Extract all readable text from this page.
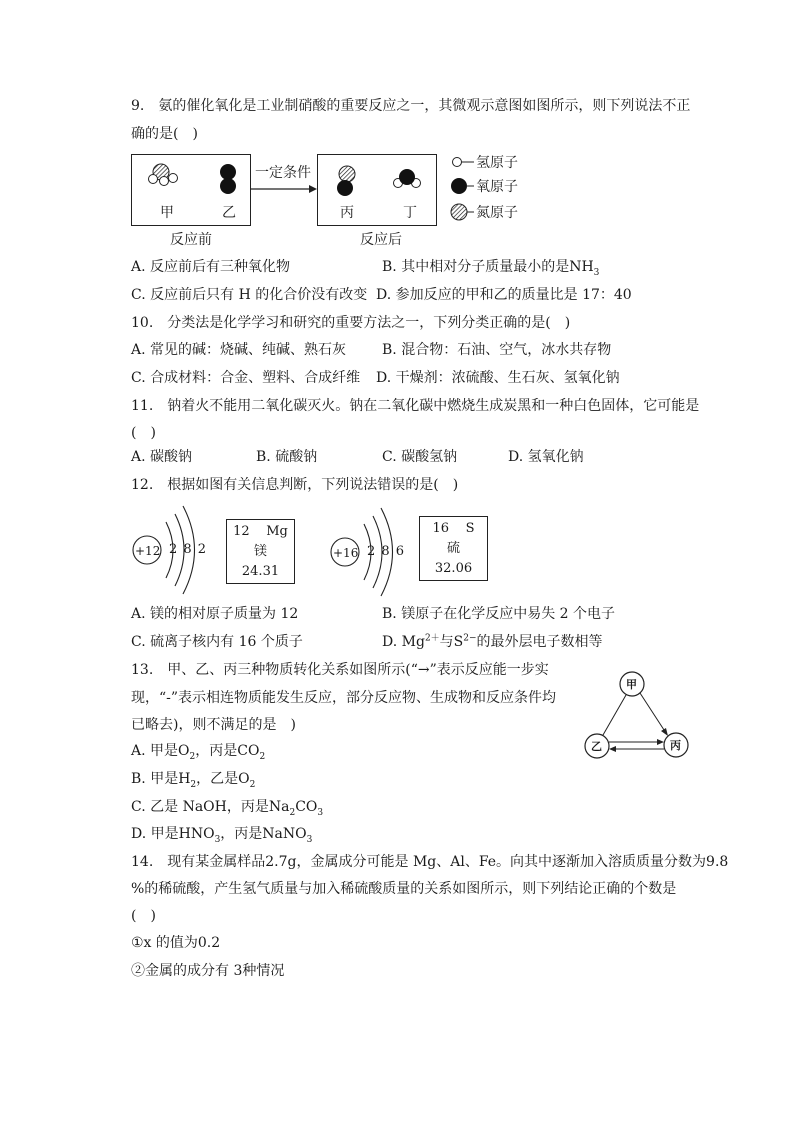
9.　氨的催化氧化是工业制硝酸的重要反应之一，其微观示意图如图所示，则下列说法不正
确的是(　)
甲	乙
一定条件
丙	丁
反应前	反应后
氢原子
氧原子
氮原子
A. 反应前后有三种氧化物	B. 其中相对分子质量最小的是$NH_3$
C. 反应前后只有 H 的化合价没有改变 D. 参加反应的甲和乙的质量比是 17：40
10.　分类法是化学学习和研究的重要方法之一，下列分类正确的是(　)
A. 常见的碱：烧碱、纯碱、熟石灰	B. 混合物：石油、空气，冰水共存物
C. 合成材料：合金、塑料、合成纤维 D. 干燥剂：浓硫酸、生石灰、氢氧化钠
11.　钠着火不能用二氧化碳灭火。钠在二氧化碳中燃烧生成炭黑和一种白色固体，它可能是
(　)
A. 碳酸钠	B. 硫酸钠	C. 碳酸氢钠	D. 氢氧化钠
12.　根据如图有关信息判断，下列说法错误的是(　)
+12 2 8 2
12 Mg
镁
24.31
+16 2 8 6
16 S
硫
32.06
A. 镁的相对原子质量为 12	B. 镁原子在化学反应中易失 2 个电子
C. 硫离子核内有 16 个质子	D. $Mg^{2+}$与$S^{2-}$的最外层电子数相等
13.　甲、乙、丙三种物质转化关系如图所示(“→”表示反应能一步实
现，“-”表示相连物质能发生反应，部分反应物、生成物和反应条件均
已略去)，则不满足的是　)
甲
乙	丙
A. 甲是$O_2$，丙是$CO_2$
B. 甲是$H_2$，乙是$O_2$
C. 乙是 NaOH，丙是$Na_2CO_3$
D. 甲是$HNO_3$，丙是NaNO$_3$
14.　现有某金属样品2.7g，金属成分可能是 Mg、Al、Fe。向其中逐渐加入溶质质量分数为9.8
%的稀硫酸，产生氢气质量与加入稀硫酸质量的关系如图所示，则下列结论正确的个数是
(　)
①x 的值为0.2
②金属的成分有 3种情况
